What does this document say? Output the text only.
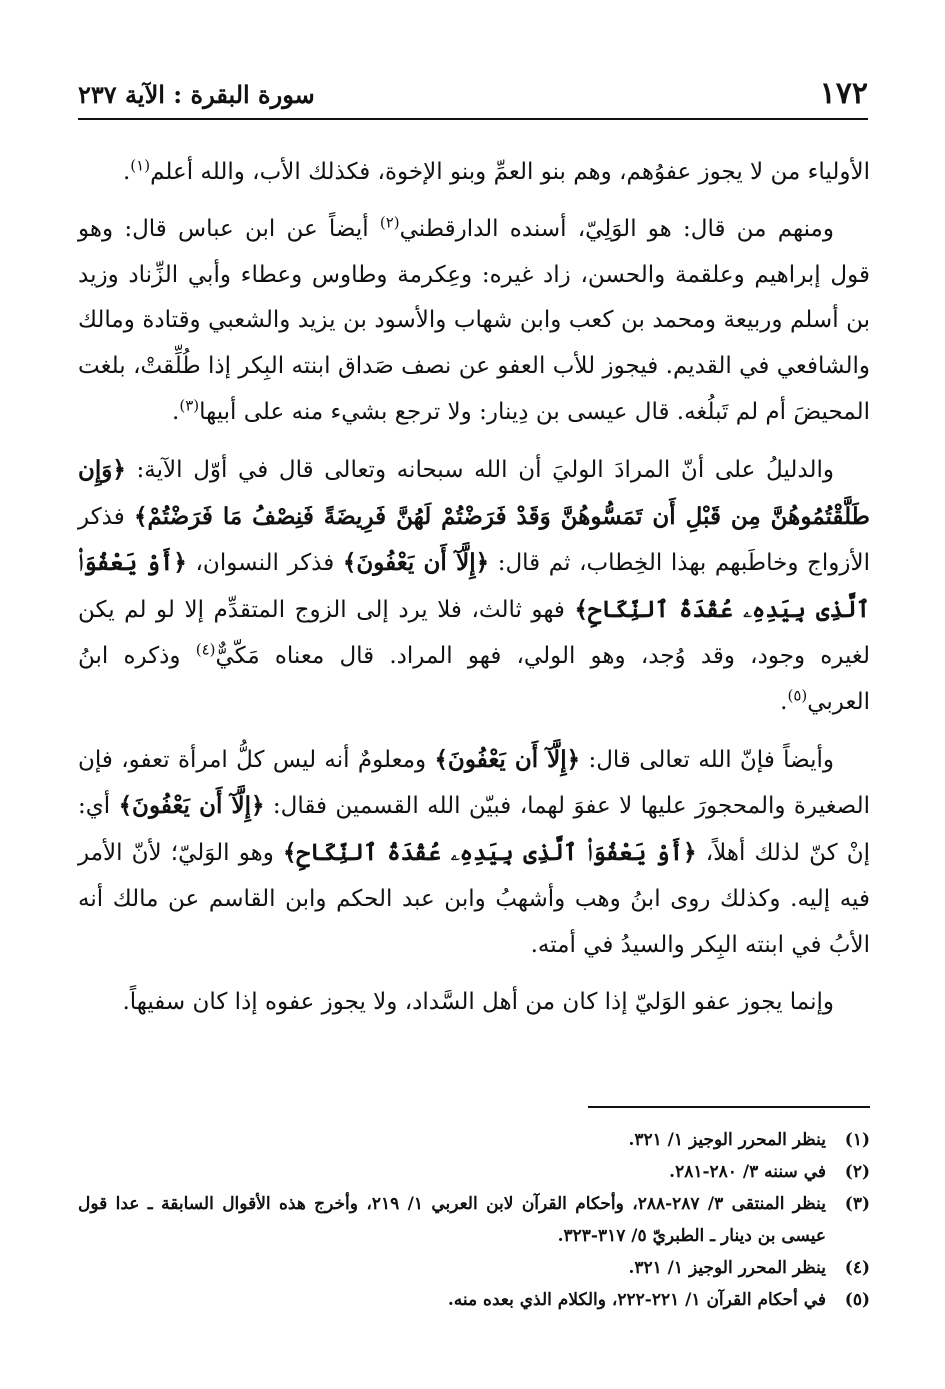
١٧٢
سورة البقرة : الآية ٢٣٧

الأولياء من لا يجوز عفوُهم، وهم بنو العمِّ وبنو الإخوة، فكذلك الأب، والله أعلم$^{(١)}$.

ومنهم من قال: هو الوَلِيّ، أسنده الدارقطني$^{(٢)}$ أيضاً عن ابن عباس قال: وهو قول إبراهيم وعلقمة والحسن، زاد غيره: وعِكرمة وطاوس وعطاء وأبي الزِّناد وزيد بن أسلم وربيعة ومحمد بن كعب وابن شهاب والأسود بن يزيد والشعبي وقتادة ومالك والشافعي في القديم. فيجوز للأب العفو عن نصف صَداق ابنته البِكر إذا طُلِّقتْ، بلغت المحيضَ أم لم تَبلُغه. قال عيسى بن دِينار: ولا ترجع بشيء منه على أبيها$^{(٣)}$.

والدليلُ على أنّ المرادَ الوليَ أن الله سبحانه وتعالى قال في أوّل الآية: ﴿وَإِن طَلَّقْتُمُوهُنَّ مِن قَبْلِ أَن تَمَسُّوهُنَّ وَقَدْ فَرَضْتُمْ لَهُنَّ فَرِيضَةً فَنِصْفُ مَا فَرَضْتُمْ﴾ فذكر الأزواج وخاطَبهم بهذا الخِطاب، ثم قال: ﴿إِلَّآ أَن يَعْفُونَ﴾ فذكر النسوان، ﴿أَوْ يَعْفُوَا۟ ٱلَّذِى بِيَدِهِۦ عُقْدَةُ ٱلنِّكَاحِ﴾ فهو ثالث، فلا يرد إلى الزوج المتقدِّم إلا لو لم يكن لغيره وجود، وقد وُجد، وهو الولي، فهو المراد. قال معناه مَكّيٌّ$^{(٤)}$ وذكره ابنُ العربي$^{(٥)}$.

وأيضاً فإنّ الله تعالى قال: ﴿إِلَّآ أَن يَعْفُونَ﴾ ومعلومٌ أنه ليس كلُّ امرأة تعفو، فإن الصغيرة والمحجورَ عليها لا عفوَ لهما، فبيّن الله القسمين فقال: ﴿إِلَّآ أَن يَعْفُونَ﴾ أي: إنْ كنّ لذلك أهلاً، ﴿أَوْ يَعْفُوَا۟ ٱلَّذِى بِيَدِهِۦ عُقْدَةُ ٱلنِّكَاحِ﴾ وهو الوَليّ؛ لأنّ الأمر فيه إليه. وكذلك روى ابنُ وهب وأشهبُ وابن عبد الحكم وابن القاسم عن مالك أنه الأبُ في ابنته البِكر والسيدُ في أمته.

وإنما يجوز عفو الوَليّ إذا كان من أهل السَّداد، ولا يجوز عفوه إذا كان سفيهاً.

(١)
ينظر المحرر الوجيز ١/ ٣٢١.
(٢)
في سننه ٣/ ٢٨٠-٢٨١.
(٣)
ينظر المنتقى ٣/ ٢٨٧-٢٨٨، وأحكام القرآن لابن العربي ١/ ٢١٩، وأخرج هذه الأقوال السابقة ـ عدا قول عيسى بن دينار ـ الطبريّ ٥/ ٣١٧-٣٢٣.
(٤)
ينظر المحرر الوجيز ١/ ٣٢١.
(٥)
في أحكام القرآن ١/ ٢٢١-٢٢٢، والكلام الذي بعده منه.
